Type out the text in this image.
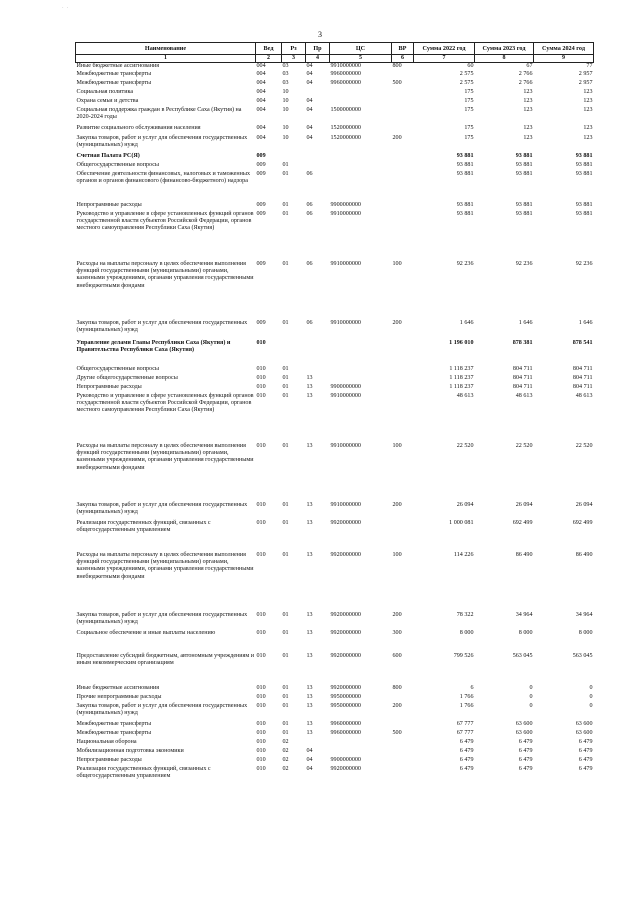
· ·
3
Наименование	Вед	Рз	Пр	ЦС	ВР	Сумма 2022 год	Сумма 2023 год	Сумма 2024 год
1	2	3	4	5	6	7	8	9
Иные бюджетные ассигнования	004	03	04	9910000000	800	60	67	77
Межбюджетные трансферты	004	03	04	9960000000		2 575	2 766	2 957
Межбюджетные трансферты	004	03	04	9960000000	500	2 575	2 766	2 957
Социальная политика	004	10				175	123	123
Охрана семьи и детства	004	10	04			175	123	123
Социальная поддержка граждан в Республике Саха (Якутия) на 2020-2024 годы	004	10	04	1500000000		175	123	123
Развитие социального обслуживания населения	004	10	04	1520000000		175	123	123
Закупка товаров, работ и услуг для обеспечения государственных (муниципальных) нужд	004	10	04	1520000000	200	175	123	123
Счетная Палата РС(Я)	009					93 881	93 881	93 881
Общегосударственные вопросы	009	01				93 881	93 881	93 881
Обеспечение деятельности финансовых, налоговых и таможенных органов и органов финансового (финансово-бюджетного) надзора	009	01	06			93 881	93 881	93 881
Непрограммные расходы	009	01	06	9900000000		93 881	93 881	93 881
Руководство и управление в сфере установленных функций органов государственной власти субъектов Российской Федерации, органов местного самоуправления Республики Саха (Якутия)	009	01	06	9910000000		93 881	93 881	93 881
Расходы на выплаты персоналу в целях обеспечения выполнения функций государственными (муниципальными) органами, казенными учреждениями, органами управления государственными внебюджетными фондами	009	01	06	9910000000	100	92 236	92 236	92 236
Закупка товаров, работ и услуг для обеспечения государственных (муниципальных) нужд	009	01	06	9910000000	200	1 646	1 646	1 646
Управление делами Главы Республики Саха (Якутия) и Правительства Республики Саха (Якутия)	010					1 196 010	878 381	878 541
Общегосударственные вопросы	010	01				1 118 237	804 711	804 711
Другие общегосударственные вопросы	010	01	13			1 118 237	804 711	804 711
Непрограммные расходы	010	01	13	9900000000		1 118 237	804 711	804 711
Руководство и управление в сфере установленных функций органов государственной власти субъектов Российской Федерации, органов местного самоуправления Республики Саха (Якутия)	010	01	13	9910000000		48 613	48 613	48 613
Расходы на выплаты персоналу в целях обеспечения выполнения функций государственными (муниципальными) органами, казенными учреждениями, органами управления государственными внебюджетными фондами	010	01	13	9910000000	100	22 520	22 520	22 520
Закупка товаров, работ и услуг для обеспечения государственных (муниципальных) нужд	010	01	13	9910000000	200	26 094	26 094	26 094
Реализация государственных функций, связанных с общегосударственным управлением	010	01	13	9920000000		1 000 081	692 499	692 499
Расходы на выплаты персоналу в целях обеспечения выполнения функций государственными (муниципальными) органами, казенными учреждениями, органами управления государственными внебюджетными фондами	010	01	13	9920000000	100	114 226	86 490	86 490
Закупка товаров, работ и услуг для обеспечения государственных (муниципальных) нужд	010	01	13	9920000000	200	78 322	34 964	34 964
Социальное обеспечение и иные выплаты населению	010	01	13	9920000000	300	8 000	8 000	8 000
Предоставление субсидий бюджетным, автономным учреждениям и иным некоммерческим организациям	010	01	13	9920000000	600	799 526	563 045	563 045
Иные бюджетные ассигнования	010	01	13	9920000000	800	6	0	0
Прочие непрограммные расходы	010	01	13	9950000000		1 766	0	0
Закупка товаров, работ и услуг для обеспечения государственных (муниципальных) нужд	010	01	13	9950000000	200	1 766	0	0
Межбюджетные трансферты	010	01	13	9960000000		67 777	63 600	63 600
Межбюджетные трансферты	010	01	13	9960000000	500	67 777	63 600	63 600
Национальная оборона	010	02				6 479	6 479	6 479
Мобилизационная подготовка экономики	010	02	04			6 479	6 479	6 479
Непрограммные расходы	010	02	04	9900000000		6 479	6 479	6 479
Реализация государственных функций, связанных с общегосударственным управлением	010	02	04	9920000000		6 479	6 479	6 479
